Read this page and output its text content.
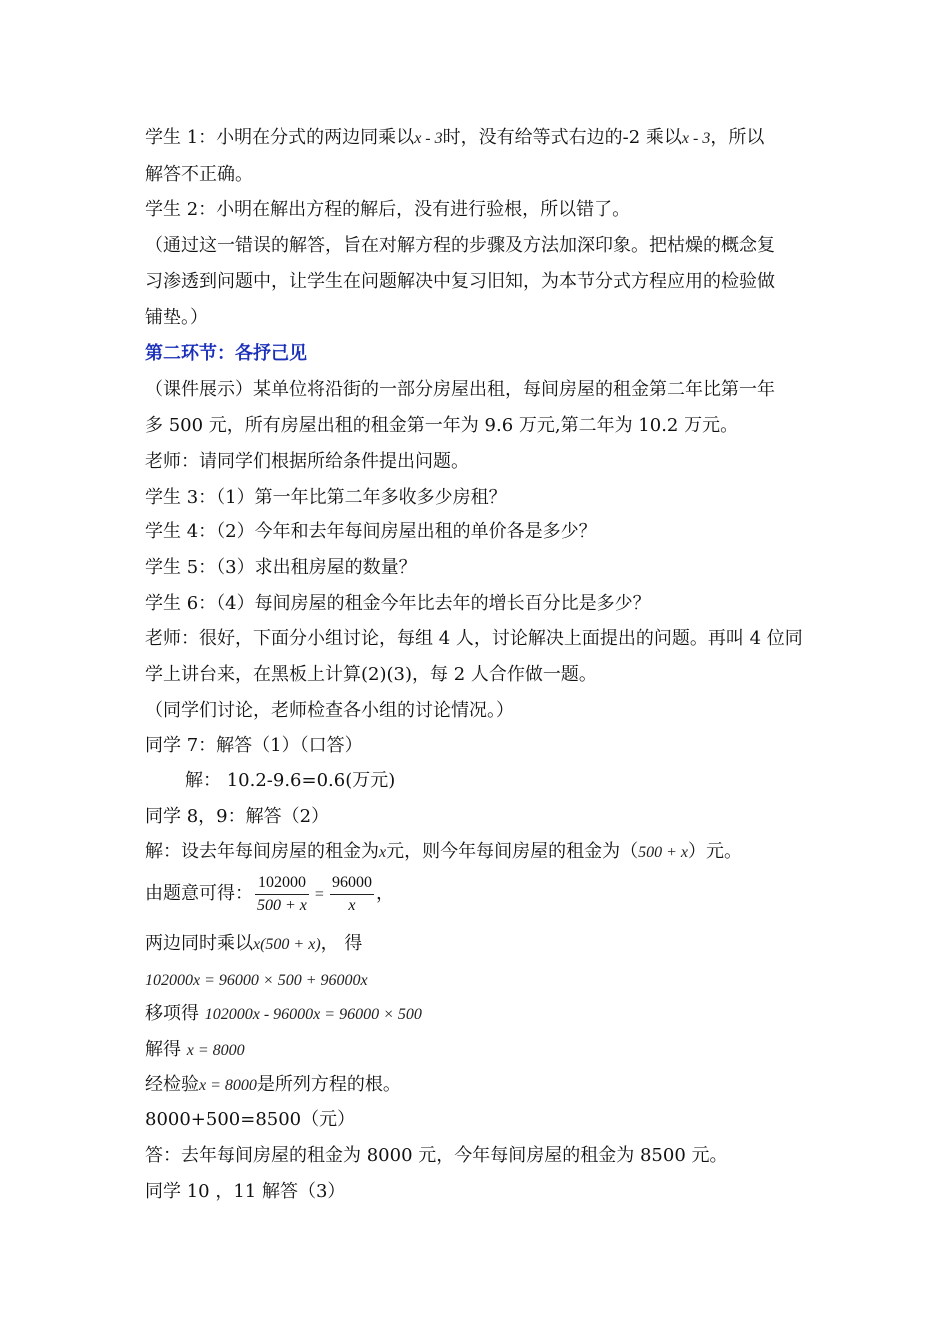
学生 1：小明在分式的两边同乘以x - 3时，没有给等式右边的-2 乘以x - 3，所以
解答不正确。
学生 2：小明在解出方程的解后，没有进行验根，所以错了。
（通过这一错误的解答，旨在对解方程的步骤及方法加深印象。把枯燥的概念复
习渗透到问题中，让学生在问题解决中复习旧知，为本节分式方程应用的检验做
铺垫。）
第二环节：各抒己见
（课件展示）某单位将沿街的一部分房屋出租，每间房屋的租金第二年比第一年
多 500 元，所有房屋出租的租金第一年为 9.6 万元,第二年为 10.2 万元。
老师：请同学们根据所给条件提出问题。
学生 3：（1）第一年比第二年多收多少房租？
学生 4：（2）今年和去年每间房屋出租的单价各是多少？
学生 5：（3）求出租房屋的数量？
学生 6：（4）每间房屋的租金今年比去年的增长百分比是多少？
老师：很好，下面分小组讨论，每组 4 人，讨论解决上面提出的问题。再叫 4 位同
学上讲台来，在黑板上计算(2)(3)，每 2 人合作做一题。
（同学们讨论，老师检查各小组的讨论情况。）
同学 7：解答（1）（口答）
解： 10.2-9.6=0.6(万元)
同学 8，9：解答（2）
解：设去年每间房屋的租金为x元，则今年每间房屋的租金为（500 + x）元。
由题意可得： $\frac{102000}{500 + x} = \frac{96000}{x}$ ，
两边同时乘以x(500 + x)， 得
102000x = 96000 × 500 + 96000x
移项得 102000x - 96000x = 96000 × 500
解得 x = 8000
经检验x = 8000是所列方程的根。
8000+500=8500（元）
答：去年每间房屋的租金为 8000 元，今年每间房屋的租金为 8500 元。
同学 10 ，11 解答（3）
